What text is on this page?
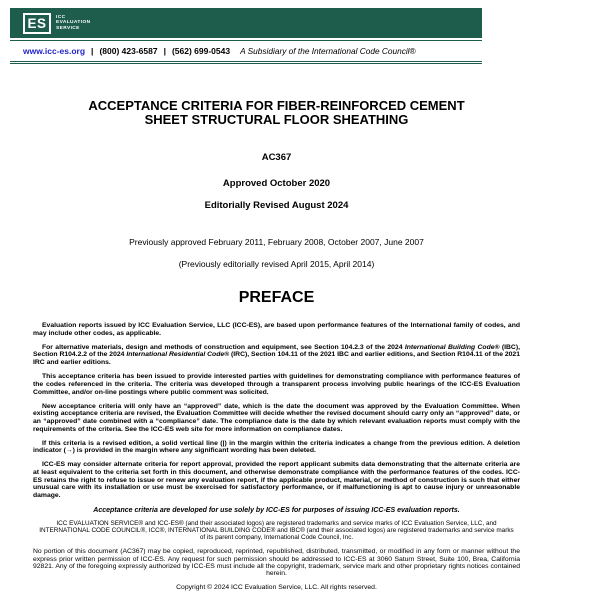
ES ICC
EVALUATION
SERVICE
www.icc-es.org | (800) 423-6587 | (562) 699-0543 A Subsidiary of the International Code Council®
ACCEPTANCE CRITERIA FOR FIBER-REINFORCED CEMENT
SHEET STRUCTURAL FLOOR SHEATHING
AC367
Approved October 2020
Editorially Revised August 2024
Previously approved February 2011, February 2008, October 2007, June 2007
(Previously editorially revised April 2015, April 2014)
PREFACE

Evaluation reports issued by ICC Evaluation Service, LLC (ICC-ES), are based upon performance features of the International family of codes, and may include other codes, as applicable.

For alternative materials, design and methods of construction and equipment, see Section 104.2.3 of the 2024 International Building Code® (IBC), Section R104.2.2 of the 2024 International Residential Code® (IRC), Section 104.11 of the 2021 IBC and earlier editions, and Section R104.11 of the 2021 IRC and earlier editions.

This acceptance criteria has been issued to provide interested parties with guidelines for demonstrating compliance with performance features of the codes referenced in the criteria. The criteria was developed through a transparent process involving public hearings of the ICC-ES Evaluation Committee, and/or on-line postings where public comment was solicited.

New acceptance criteria will only have an “approved” date, which is the date the document was approved by the Evaluation Committee. When existing acceptance criteria are revised, the Evaluation Committee will decide whether the revised document should carry only an “approved” date, or an “approved” date combined with a “compliance” date. The compliance date is the date by which relevant evaluation reports must comply with the requirements of the criteria. See the ICC-ES web site for more information on compliance dates.

If this criteria is a revised edition, a solid vertical line (|) in the margin within the criteria indicates a change from the previous edition. A deletion indicator (→) is provided in the margin where any significant wording has been deleted.

ICC-ES may consider alternate criteria for report approval, provided the report applicant submits data demonstrating that the alternate criteria are at least equivalent to the criteria set forth in this document, and otherwise demonstrate compliance with the performance features of the codes. ICC-ES retains the right to refuse to issue or renew any evaluation report, if the applicable product, material, or method of construction is such that either unusual care with its installation or use must be exercised for satisfactory performance, or if malfunctioning is apt to cause injury or unreasonable damage.

Acceptance criteria are developed for use solely by ICC-ES for purposes of issuing ICC-ES evaluation reports.
ICC EVALUATION SERVICE® and ICC-ES® (and their associated logos) are registered trademarks and service marks of ICC Evaluation Service, LLC, and INTERNATIONAL CODE COUNCIL®, ICC®, INTERNATIONAL BUILDING CODE® and IBC® (and their associated logos) are registered trademarks and service marks of its parent company, International Code Council, Inc.
No portion of this document (AC367) may be copied, reproduced, reprinted, republished, distributed, transmitted, or modified in any form or manner without the express prior written permission of ICC-ES. Any request for such permission should be addressed to ICC-ES at 3060 Saturn Street, Suite 100, Brea, California 92821. Any of the foregoing expressly authorized by ICC-ES must include all the copyright, trademark, service mark and other proprietary rights notices contained herein.
Copyright © 2024 ICC Evaluation Service, LLC. All rights reserved.
